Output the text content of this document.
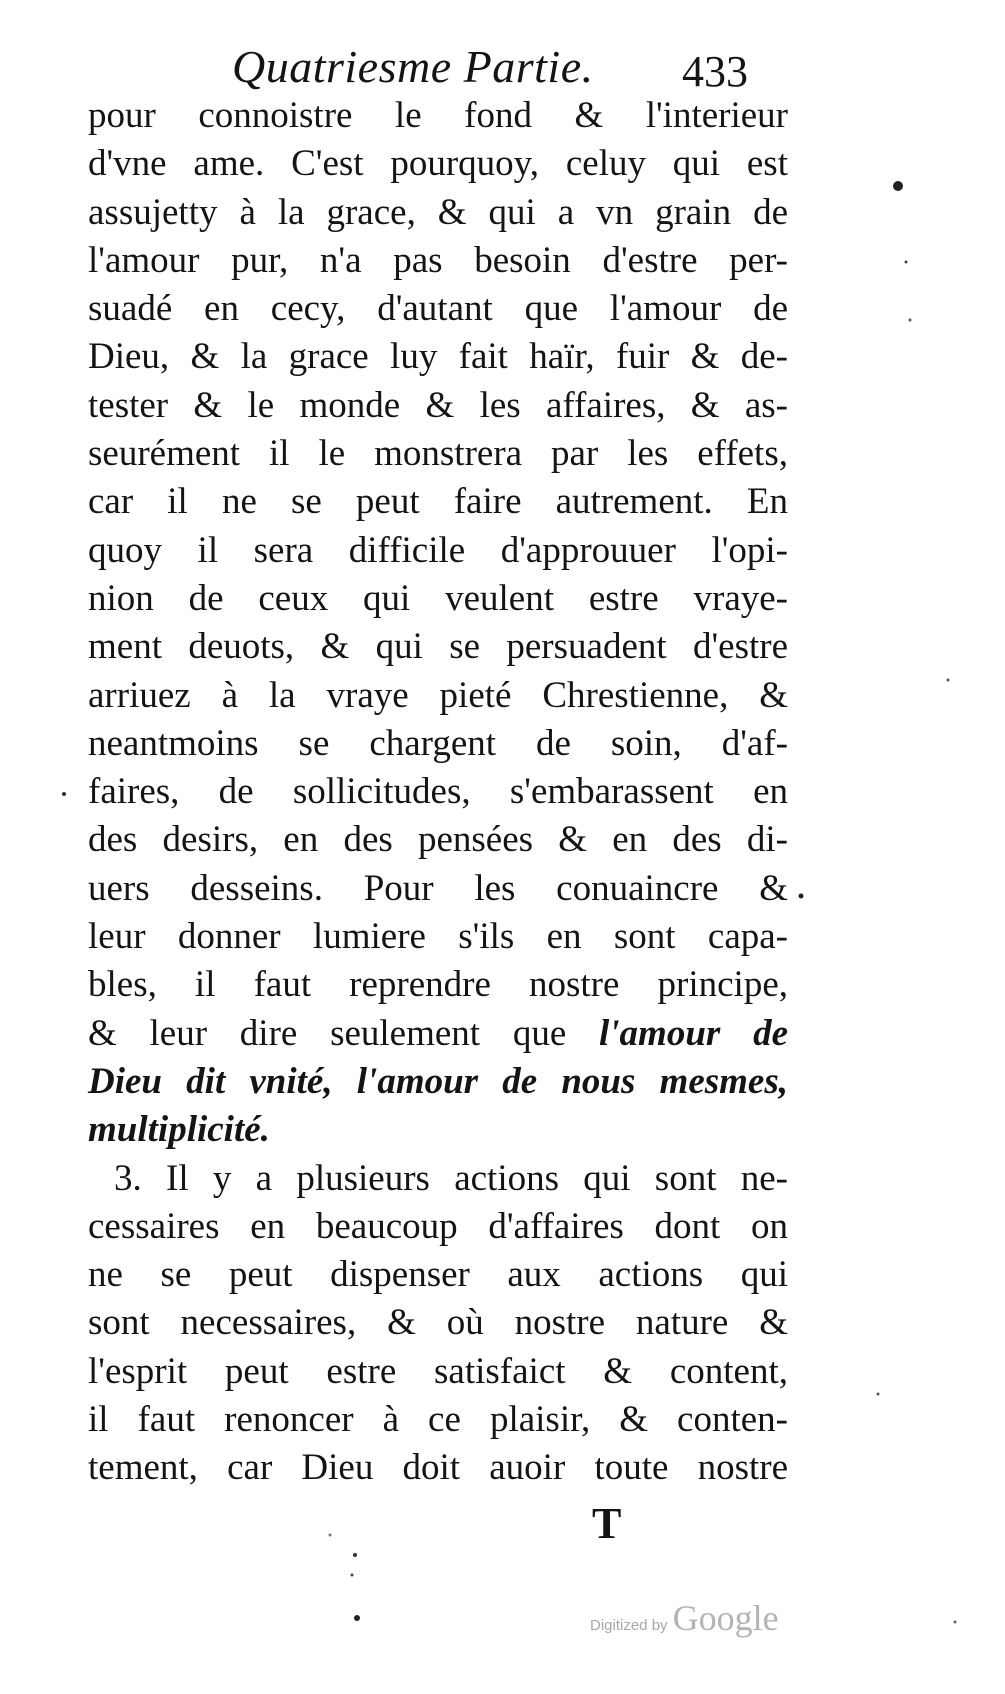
Quatriesme Partie. 433
pour connoistre le fond & l'interieur
d'vne ame. C'est pourquoy, celuy qui est
assujetty à la grace, & qui a vn grain de
l'amour pur, n'a pas besoin d'estre per-
suadé en cecy, d'autant que l'amour de
Dieu, & la grace luy fait haïr, fuir & de-
tester & le monde & les affaires, & as-
seurément il le monstrera par les effets,
car il ne se peut faire autrement. En
quoy il sera difficile d'approuuer l'opi-
nion de ceux qui veulent estre vraye-
ment deuots, & qui se persuadent d'estre
arriuez à la vraye pieté Chrestienne, &
neantmoins se chargent de soin, d'af-
faires, de sollicitudes, s'embarassent en
des desirs, en des pensées & en des di-
uers desseins. Pour les conuaincre &
leur donner lumiere s'ils en sont capa-
bles, il faut reprendre nostre principe,
& leur dire seulement que l'amour de
Dieu dit vnité, l'amour de nous mesmes,
multiplicité.
3. Il y a plusieurs actions qui sont ne-
cessaires en beaucoup d'affaires dont on
ne se peut dispenser aux actions qui
sont necessaires, & où nostre nature &
l'esprit peut estre satisfaict & content,
il faut renoncer à ce plaisir, & conten-
tement, car Dieu doit auoir toute nostre
T
Digitized by Google
